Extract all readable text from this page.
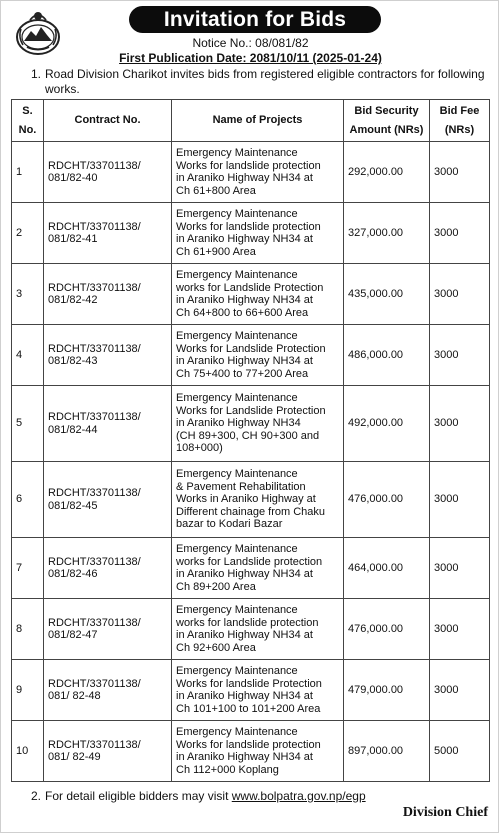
Invitation for Bids
Notice No.: 08/081/82
First Publication Date: 2081/10/11 (2025-01-24)
1. Road Division Charikot invites bids from registered eligible contractors for following works.
S. No.	Contract No.	Name of Projects	Bid Security Amount (NRs)	Bid Fee (NRs)

1	RDCHT/33701138/
081/82-40	Emergency Maintenance
Works for landslide protection
in Araniko Highway NH34 at
Ch 61+800 Area	292,000.00	3000

2	RDCHT/33701138/
081/82-41	Emergency Maintenance
Works for landslide protection
in Araniko Highway NH34 at
Ch 61+900 Area	327,000.00	3000

3	RDCHT/33701138/
081/82-42	Emergency Maintenance
works for Landslide Protection
in Araniko Highway NH34 at
Ch 64+800 to 66+600 Area	435,000.00	3000

4	RDCHT/33701138/
081/82-43	Emergency Maintenance
Works for Landslide Protection
in Araniko Highway NH34 at
Ch 75+400 to 77+200 Area	486,000.00	3000

5	RDCHT/33701138/
081/82-44	Emergency Maintenance
Works for Landslide Protection
in Araniko Highway NH34
(CH 89+300, CH 90+300 and
108+000)	492,000.00	3000

6	RDCHT/33701138/
081/82-45	Emergency Maintenance
& Pavement Rehabilitation
Works in Araniko Highway at
Different chainage from Chaku
bazar to Kodari Bazar	476,000.00	3000

7	RDCHT/33701138/
081/82-46	Emergency Maintenance
works for Landslide protection
in Araniko Highway NH34 at
Ch 89+200 Area	464,000.00	3000

8	RDCHT/33701138/
081/82-47	Emergency Maintenance
works for landslide protection
in Araniko Highway NH34 at
Ch 92+600 Area	476,000.00	3000

9	RDCHT/33701138/
081/ 82-48	Emergency Maintenance
Works for landslide Protection
in Araniko Highway NH34 at
Ch 101+100 to 101+200 Area	479,000.00	3000

10	RDCHT/33701138/
081/ 82-49	Emergency Maintenance
Works for landslide protection
in Araniko Highway NH34 at
Ch 112+000 Koplang	897,000.00	5000
2. For detail eligible bidders may visit www.bolpatra.gov.np/egp
Division Chief
